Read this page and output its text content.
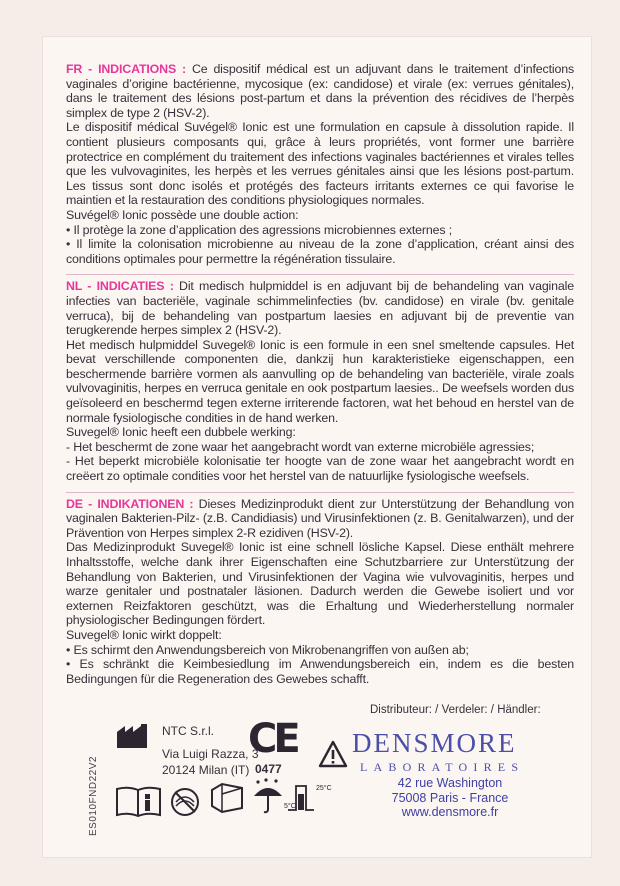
FR - INDICATIONS : Ce dispositif médical est un adjuvant dans le traitement d’infections vaginales d’origine bactérienne, mycosique (ex: candidose) et virale (ex: verrues génitales), dans le traitement des lésions post-partum et dans la prévention des récidives de l’herpès simplex de type 2 (HSV-2).

Le dispositif médical Suvégel® Ionic est une formulation en capsule à dissolution rapide. Il contient plusieurs composants qui, grâce à leurs propriétés, vont former une barrière protectrice en complément du traitement des infections vaginales bactériennes et virales telles que les vulvovaginites, les herpès et les verrues génitales ainsi que les lésions post-partum. Les tissus sont donc isolés et protégés des facteurs irritants externes ce qui favorise le maintien et la restauration des conditions physiologiques normales.

Suvégel® Ionic possède une double action:

• Il protège la zone d’application des agressions microbiennes externes ;

• Il limite la colonisation microbienne au niveau de la zone d’application, créant ainsi des conditions optimales pour permettre la régénération tissulaire.

NL - INDICATIES : Dit medisch hulpmiddel is en adjuvant bij de behandeling van vaginale infecties van bacteriële, vaginale schimmelinfecties (bv. candidose) en virale (bv. genitale verruca), bij de behandeling van postpartum laesies en adjuvant bij de preventie van terugkerende herpes simplex 2 (HSV-2).

Het medisch hulpmiddel Suvegel® Ionic is een formule in een snel smeltende capsules. Het bevat verschillende componenten die, dankzij hun karakteristieke eigenschappen, een beschermende barrière vormen als aanvulling op de behandeling van bacteriële, virale zoals vulvovaginitis, herpes en verruca genitale en ook postpartum laesies.. De weefsels worden dus geïsoleerd en beschermd tegen externe irriterende factoren, wat het behoud en herstel van de normale fysiologische condities in de hand werken.

Suvegel® Ionic heeft een dubbele werking:

- Het beschermt de zone waar het aangebracht wordt van externe microbiële agressies;

- Het beperkt microbiële kolonisatie ter hoogte van de zone waar het aangebracht wordt en creëert zo optimale condities voor het herstel van de natuurlijke fysiologische weefsels.

DE - INDIKATIONEN : Dieses Medizinprodukt dient zur Unterstützung der Behandlung von vaginalen Bakterien-Pilz- (z.B. Candidiasis) und Virusinfektionen (z. B. Genitalwarzen), und der Prävention von Herpes simplex 2-R ezidiven (HSV-2).

Das Medizinprodukt Suvegel® Ionic ist eine schnell lösliche Kapsel. Diese enthält mehrere Inhaltsstoffe, welche dank ihrer Eigenschaften eine Schutzbarriere zur Unterstützung der Behandlung von Bakterien, und Virusinfektionen der Vagina wie vulvovaginitis, herpes und warze genitaler und postnataler läsionen. Dadurch werden die Gewebe isoliert und vor externen Reizfaktoren geschützt, was die Erhaltung und Wiederherstellung normaler physiologischer Bedingungen fördert.

Suvegel® Ionic wirkt doppelt:

• Es schirmt den Anwendungsbereich von Mikrobenangriffen von außen ab;

• Es schränkt die Keimbesiedlung im Anwendungsbereich ein, indem es die besten Bedingungen für die Regeneration des Gewebes schafft.

Distributeur: / Verdeler: / Händler:
ES010FND22V2
NTC S.r.l.
Via Luigi Razza, 3
20124 Milan (IT)
CE
0477
DENSMORE
LABORATOIRES
42 rue Washington
75008 Paris - France
www.densmore.fr
25°C
5°C
